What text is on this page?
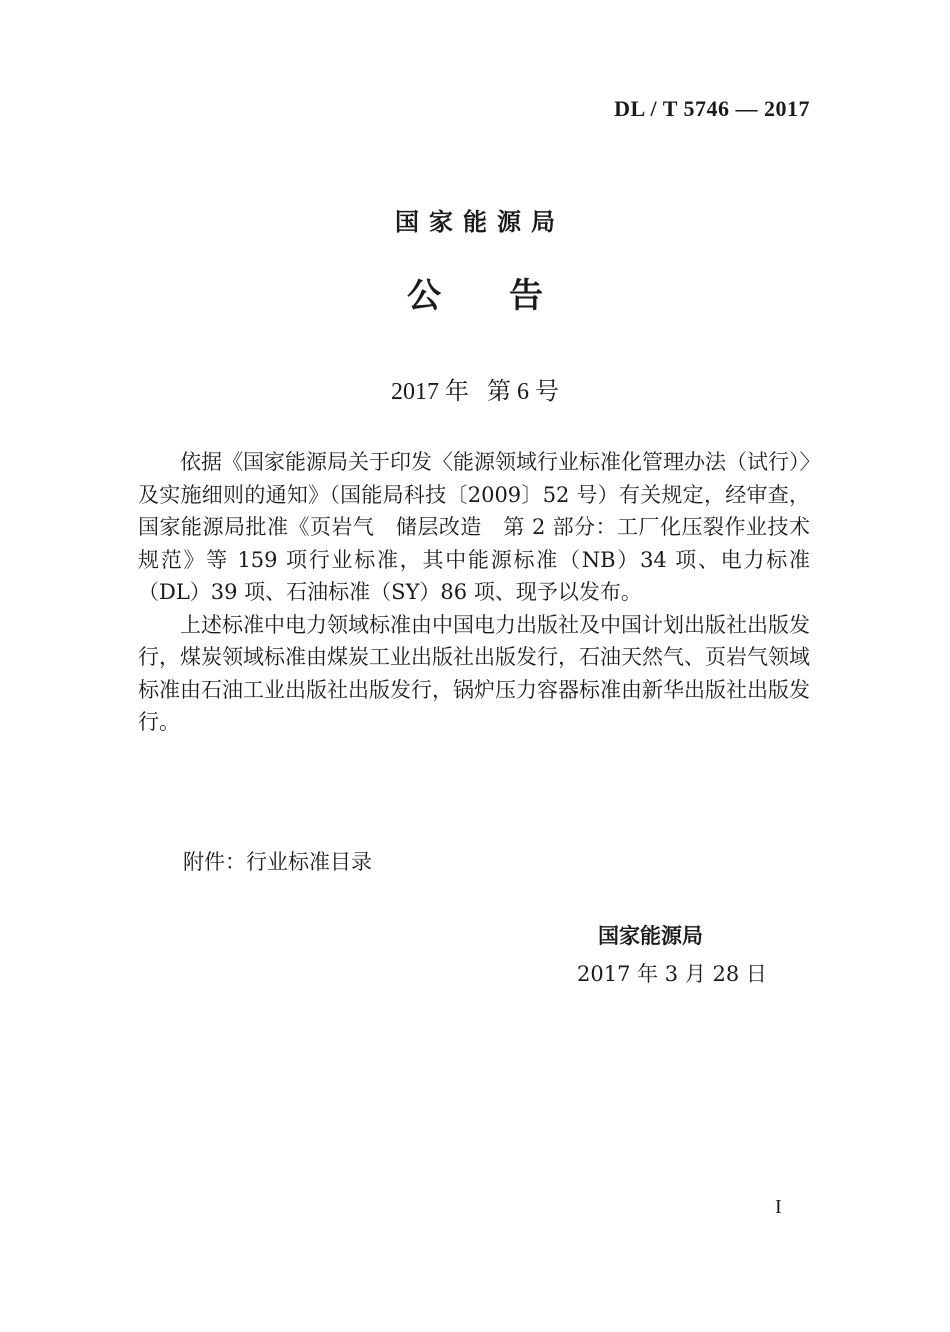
DL / T 5746 — 2017
国家能源局
公告
2017 年   第 6 号

依据《国家能源局关于印发〈能源领域行业标准化管理办法（试行）〉及实施细则的通知》（国能局科技〔2009〕52 号）有关规定，经审查，国家能源局批准《页岩气　储层改造　第 2 部分：工厂化压裂作业技术规范》等 159 项行业标准，其中能源标准（NB）34 项、电力标准（DL）39 项、石油标准（SY）86 项、现予以发布。

上述标准中电力领域标准由中国电力出版社及中国计划出版社出版发行，煤炭领域标准由煤炭工业出版社出版发行，石油天然气、页岩气领域标准由石油工业出版社出版发行，锅炉压力容器标准由新华出版社出版发行。

附件：行业标准目录
国家能源局
2017 年 3 月 28 日
I
